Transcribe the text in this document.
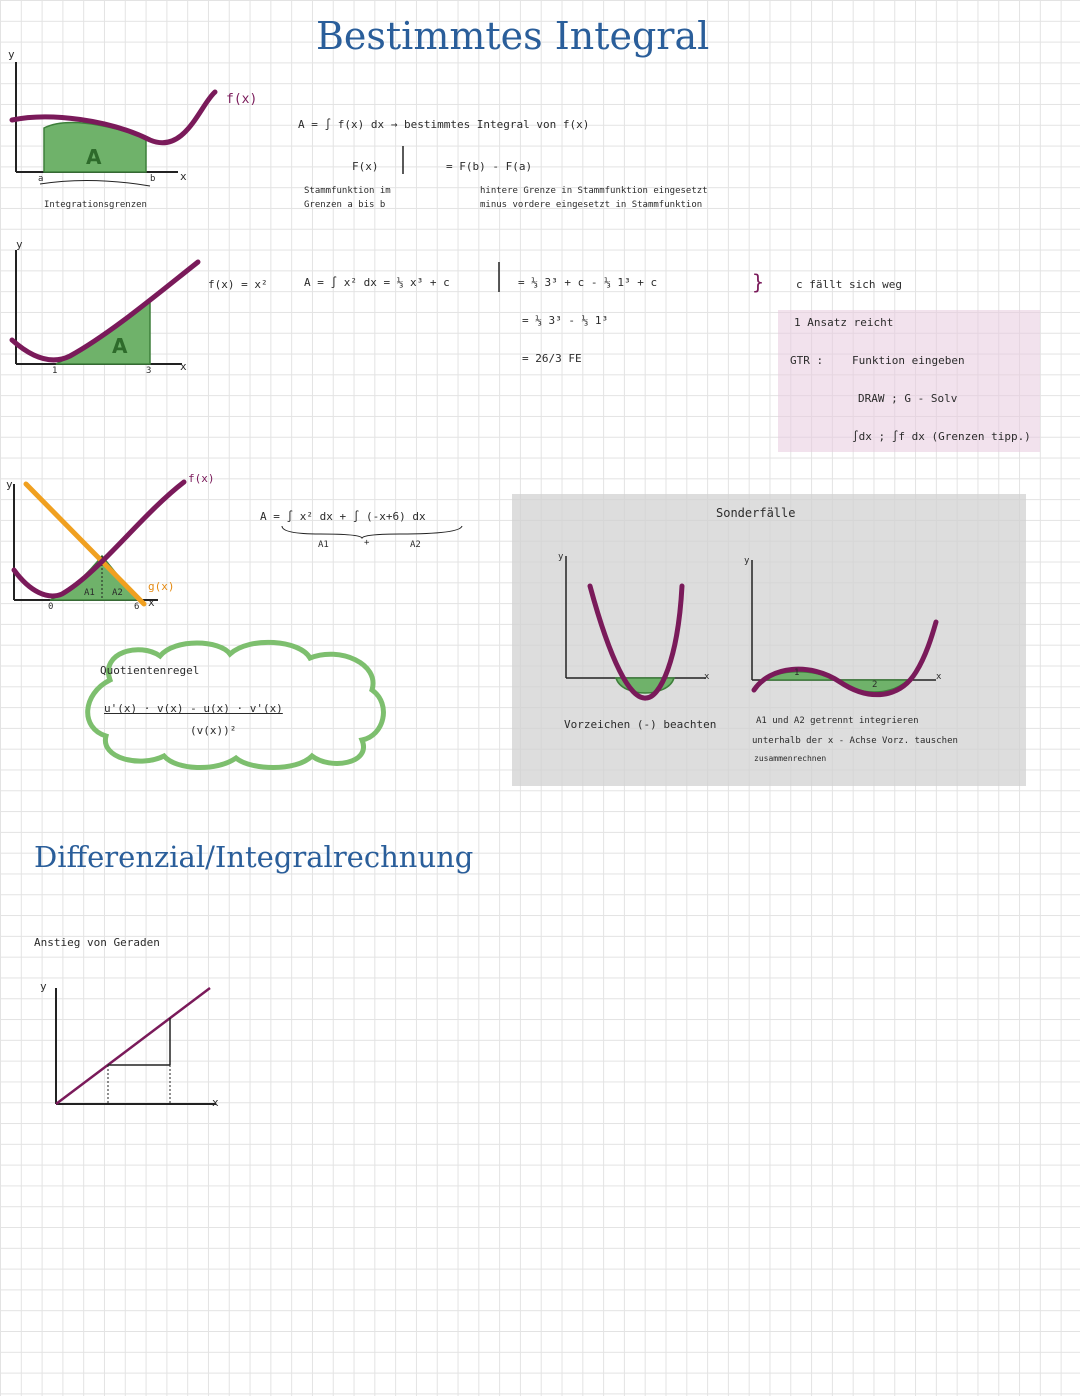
Bestimmtes Integral
Differenzial/Integralrechnung
y
x
f(x)
A
a	b
Integrationsgrenzen
y
x
f(x) = x²
A
1	3
y
x
f(x)
g(x)
0
A1 A2
6
A = ∫ f(x) dx → bestimmtes Integral von f(x)
F(x)	= F(b) - F(a)
Stammfunktion im
Grenzen a bis b
hintere Grenze in Stammfunktion eingesetzt
minus vordere eingesetzt in Stammfunktion
A = ∫ x² dx = ⅓ x³ + c	= ⅓ 3³ + c - ⅓ 1³ + c	}	c fällt sich weg
= ⅓ 3³ - ⅓ 1³
= 26/3 FE
1 Ansatz reicht
GTR :	Funktion eingeben
DRAW ; G - Solv
∫dx ; ∫f dx (Grenzen tipp.)
A = ∫ x² dx + ∫ (-x+6) dx
A1	+	A2
Quotientenregel
u'(x) · v(x) - u(x) · v'(x)
(v(x))²
Sonderfälle
y
x
Vorzeichen (-) beachten
y
x
1
2
A1 und A2 getrennt integrieren
unterhalb der x - Achse Vorz. tauschen
zusammenrechnen
Anstieg von Geraden
y
x
